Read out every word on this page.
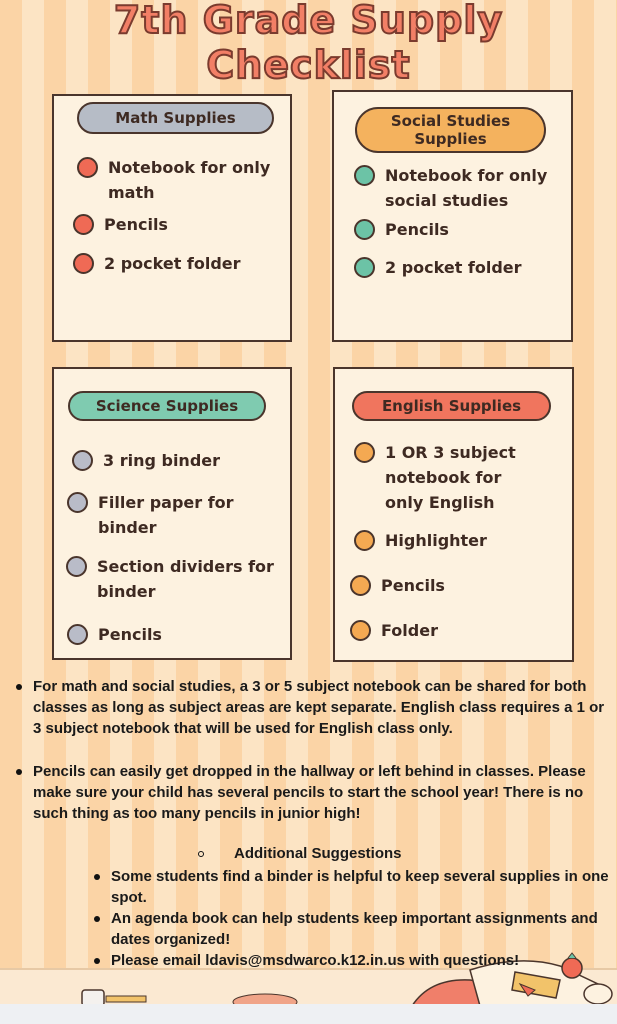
7th Grade Supply
Checklist
Math Supplies
Notebook for only math
Pencils
2 pocket folder
Social Studies Supplies
Notebook for only social studies
Pencils
2 pocket folder
Science Supplies
3 ring binder
Filler paper for binder
Section dividers for binder
Pencils
English Supplies
1 OR 3 subject notebook for only English
Highlighter
Pencils
Folder
For math and social studies, a 3 or 5 subject notebook can be shared for both classes as long as subject areas are kept separate. English class requires a 1 or 3 subject notebook that will be used for English class only.
Pencils can easily get dropped in the hallway or left behind in classes. Please make sure your child has several pencils to start the school year! There is no such thing as too many pencils in junior high!
Additional Suggestions
Some students find a binder is helpful to keep several supplies in one spot.
An agenda book can help students keep important assignments and dates organized!
Please email ldavis@msdwarco.k12.in.us with questions!
